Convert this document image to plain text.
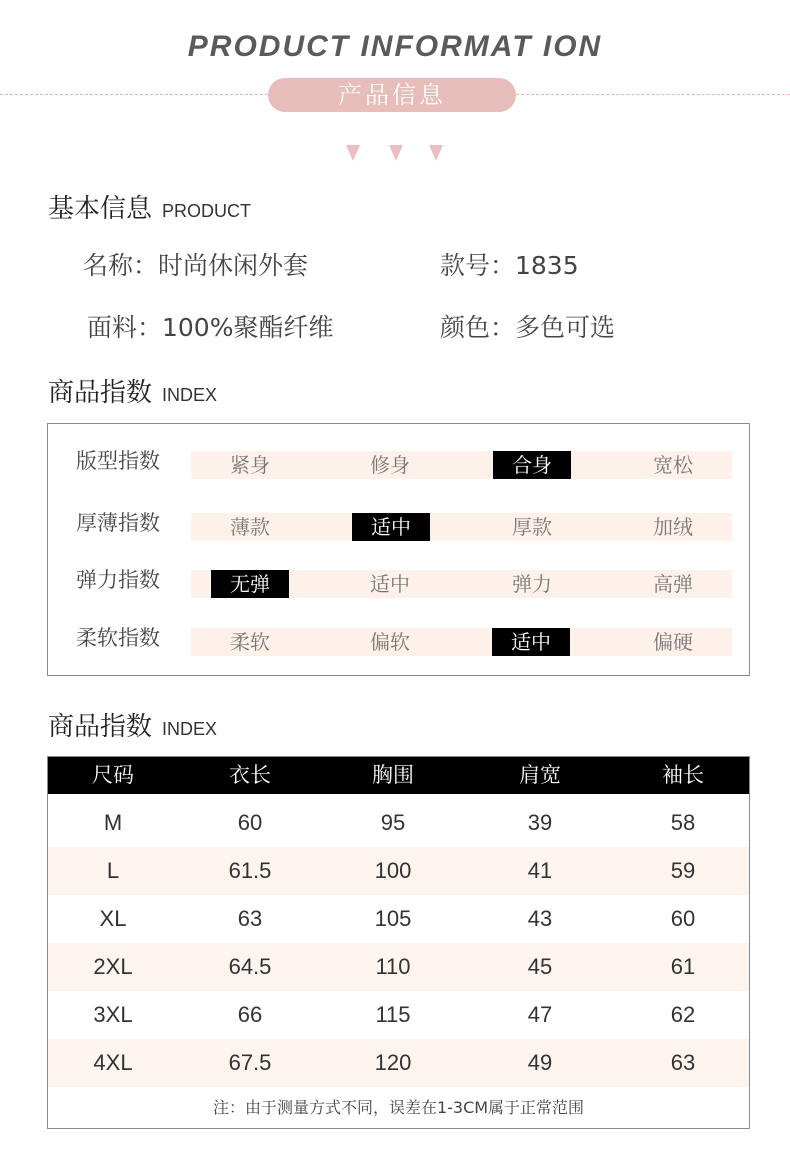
PRODUCT INFORMAT ION
产品信息
基本信息 PRODUCT
名称：时尚休闲外套	款号：1835
面料：100%聚酯纤维	颜色：多色可选
商品指数 INDEX
版型指数	紧身	修身	合身	宽松
厚薄指数	薄款	适中	厚款	加绒
弹力指数	无弹	适中	弹力	高弹
柔软指数	柔软	偏软	适中	偏硬
商品指数 INDEX
尺码	衣长	胸围	肩宽	袖长
M	60	95	39	58
L	61.5	100	41	59
XL	63	105	43	60
2XL	64.5	110	45	61
3XL	66	115	47	62
4XL	67.5	120	49	63
注：由于测量方式不同，误差在1-3CM属于正常范围
